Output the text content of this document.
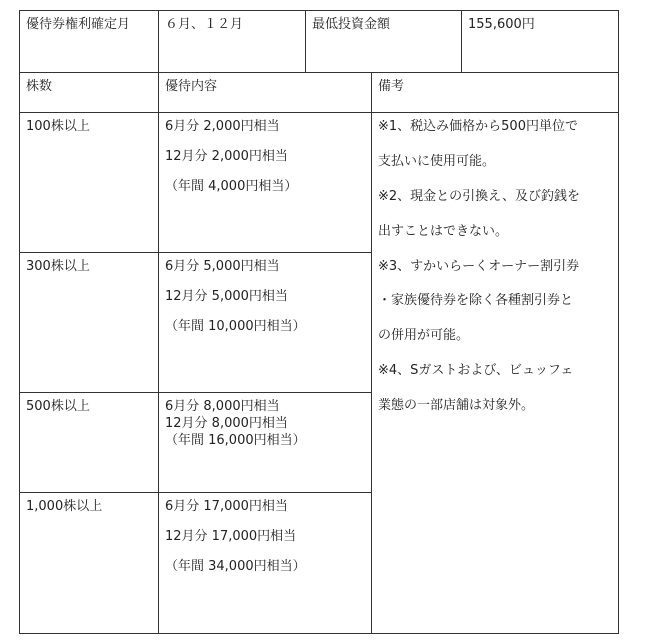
優待券権利確定月	６月、１２月	最低投資金額	155,600円
株数	優待内容	備考
100株以上	6月分 2,000円相当
12月分 2,000円相当
（年間 4,000円相当）
300株以上	6月分 5,000円相当
12月分 5,000円相当
（年間 10,000円相当）
500株以上	6月分 8,000円相当
12月分 8,000円相当
（年間 16,000円相当）
1,000株以上	6月分 17,000円相当
12月分 17,000円相当
（年間 34,000円相当）
※1、税込み価格から500円単位で
支払いに使用可能。
※2、現金との引換え、及び釣銭を
出すことはできない。
※3、すかいらーくオーナー割引券
・家族優待券を除く各種割引券と
の併用が可能。
※4、Sガストおよび、ビュッフェ
業態の一部店舗は対象外。
